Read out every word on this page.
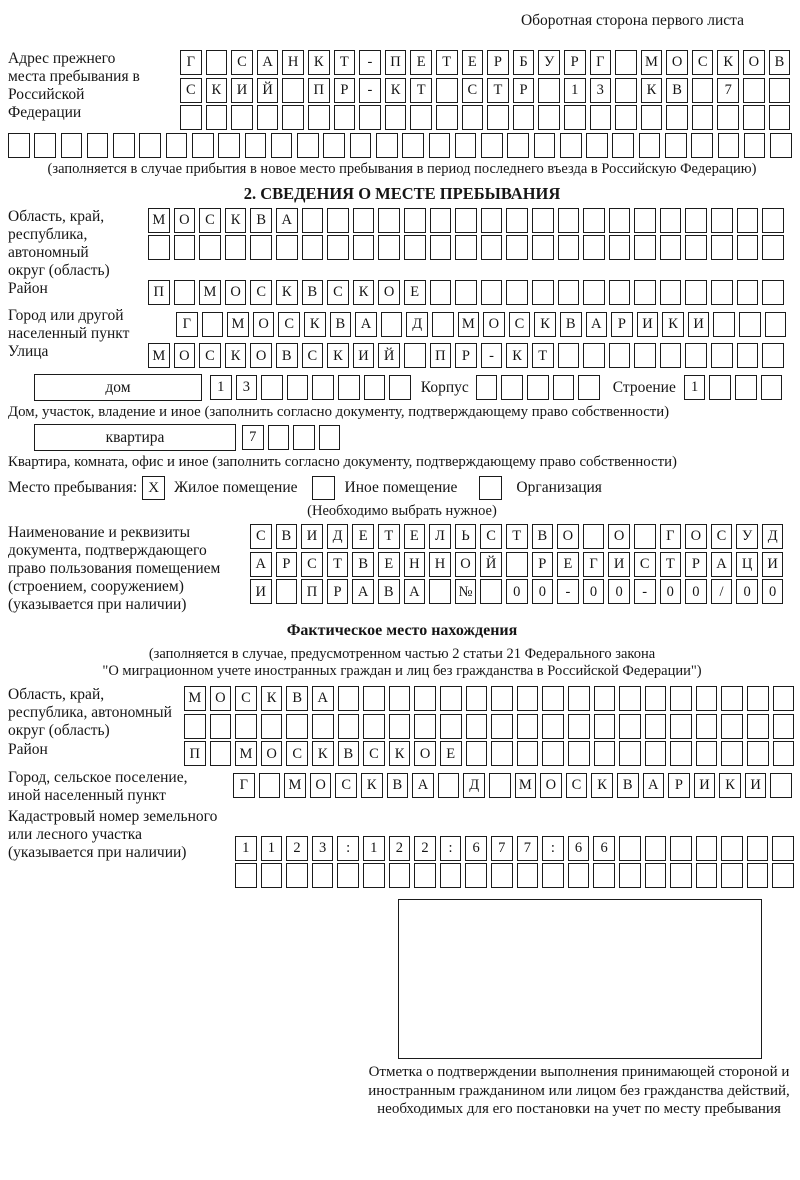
Оборотная сторона первого листа
Адрес прежнего места пребывания в Российской Федерации
Г	С	А	Н	К	Т	-	П	Е	Т	Е	Р	Б	У	Р	Г	М О	С	К	О	В
С	К	И	Й	П	Р	-	К	Т	С	Т	Р	1	3	К	В	7
(заполняется в случае прибытия в новое место пребывания в период последнего въезда в Российскую Федерацию)
2. СВЕДЕНИЯ О МЕСТЕ ПРЕБЫВАНИЯ
Область, край, республика, автономный округ (область)
М О	С	К	В	А
Район	П	М О	С	К	В	С	К	О	Е
Город или другой населенный пункт
Г	М О	С	К	В	А	Д	М О	С	К	В	А	Р	И	К	И
Улица	М О	С	К	О	В	С	К	И	Й	П	Р	-	К	Т
дом	1	3	Корпус	Строение	1
Дом, участок, владение и иное (заполнить согласно документу, подтверждающему право собственности)
квартира	7
Квартира, комната, офис и иное (заполнить согласно документу, подтверждающему право собственности)
Место пребывания: X Жилое помещение	Иное помещение	Организация
(Необходимо выбрать нужное)
Наименование и реквизиты документа, подтверждающего право пользования помещением (строением, сооружением) (указывается при наличии)
С	В	И	Д	Е	Т	Е	Л	Ь	С	Т	В	О	О	Г	О	С	У	Д
А	Р	С	Т	В	Е	Н	Н	О	Й	Р	Е	Г	И	С	Т	Р	А	Ц	И
И	П	Р	А	В	А	№	0	0	-	0	0	-	0	0	/	0	0
Фактическое место нахождения
(заполняется в случае, предусмотренном частью 2 статьи 21 Федерального закона
"О миграционном учете иностранных граждан и лиц без гражданства в Российской Федерации")
Область, край, республика, автономный округ (область)
М О	С	К	В	А
Район	П	М О	С	К	В	С	К	О	Е
Город, сельское поселение, иной населенный пункт
Г	М О	С	К	В	А	Д	М О	С	К	В	А	Р	И	К	И
Кадастровый номер земельного или лесного участка (указывается при наличии)	1	1	2	3	:	1	2	2	:	6	7	7	:	6	6
Отметка о подтверждении выполнения принимающей стороной и иностранным гражданином или лицом без гражданства действий, необходимых для его постановки на учет по месту пребывания
